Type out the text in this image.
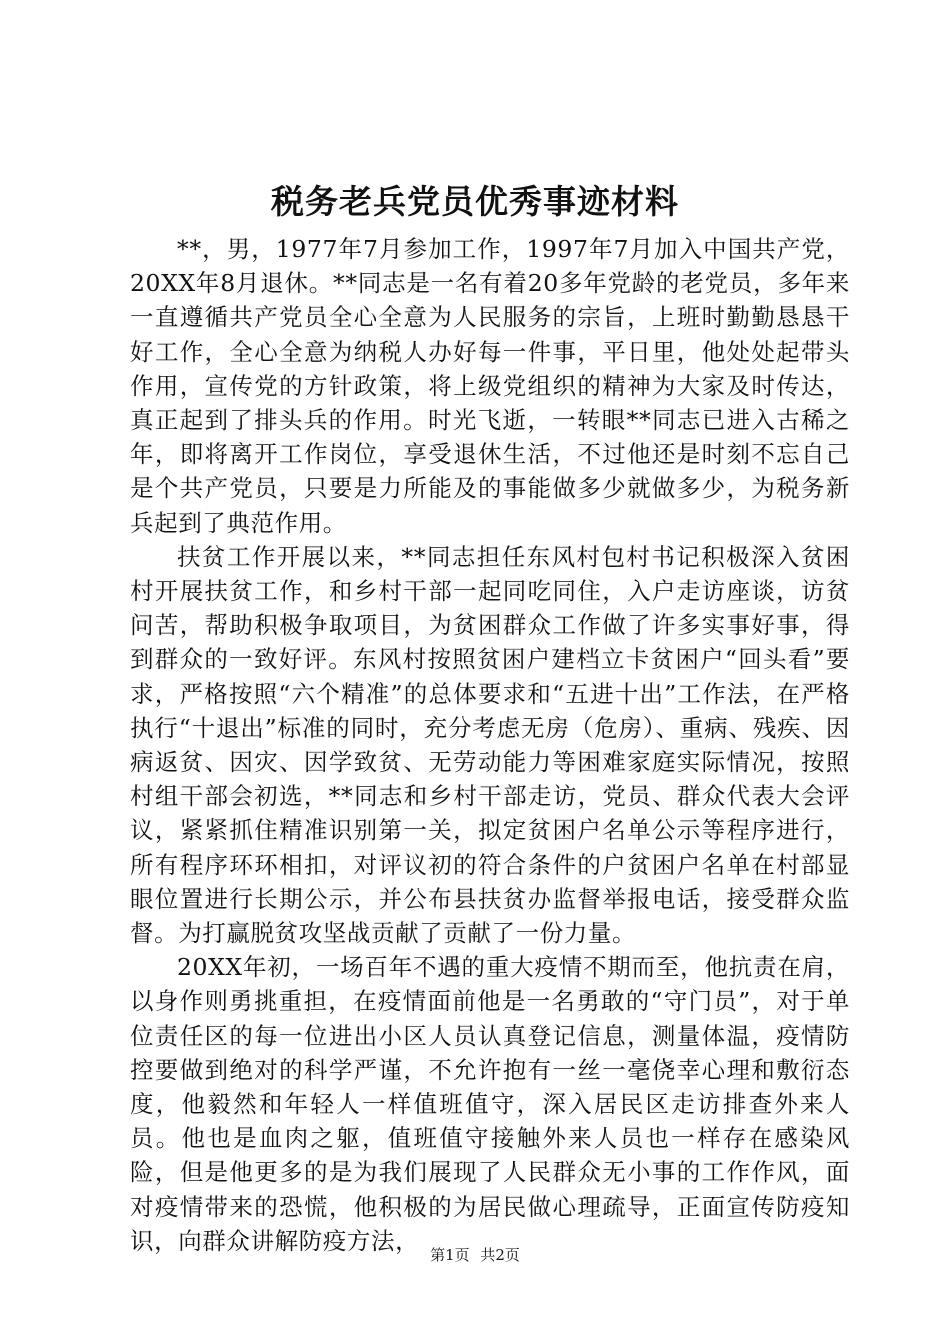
税务老兵党员优秀事迹材料

**，男，1977年7月参加工作，1997年7月加入中国共产党，20XX年8月退休。**同志是一名有着20多年党龄的老党员，多年来一直遵循共产党员全心全意为人民服务的宗旨，上班时勤勤恳恳干好工作，全心全意为纳税人办好每一件事，平日里，他处处起带头作用，宣传党的方针政策，将上级党组织的精神为大家及时传达，真正起到了排头兵的作用。时光飞逝，一转眼**同志已进入古稀之年，即将离开工作岗位，享受退休生活，不过他还是时刻不忘自己是个共产党员，只要是力所能及的事能做多少就做多少，为税务新兵起到了典范作用。

扶贫工作开展以来，**同志担任东风村包村书记积极深入贫困村开展扶贫工作，和乡村干部一起同吃同住，入户走访座谈，访贫问苦，帮助积极争取项目，为贫困群众工作做了许多实事好事，得到群众的一致好评。东风村按照贫困户建档立卡贫困户“回头看”要求，严格按照“六个精准”的总体要求和“五进十出”工作法，在严格执行“十退出”标准的同时，充分考虑无房（危房）、重病、残疾、因病返贫、因灾、因学致贫、无劳动能力等困难家庭实际情况，按照村组干部会初选，**同志和乡村干部走访，党员、群众代表大会评议，紧紧抓住精准识别第一关，拟定贫困户名单公示等程序进行，所有程序环环相扣，对评议初的符合条件的户贫困户名单在村部显眼位置进行长期公示，并公布县扶贫办监督举报电话，接受群众监督。为打赢脱贫攻坚战贡献了贡献了一份力量。

20XX年初，一场百年不遇的重大疫情不期而至，他抗责在肩，以身作则勇挑重担，在疫情面前他是一名勇敢的“守门员”，对于单位责任区的每一位进出小区人员认真登记信息，测量体温，疫情防控要做到绝对的科学严谨，不允许抱有一丝一毫侥幸心理和敷衍态度，他毅然和年轻人一样值班值守，深入居民区走访排查外来人员。他也是血肉之躯，值班值守接触外来人员也一样存在感染风险，但是他更多的是为我们展现了人民群众无小事的工作作风，面对疫情带来的恐慌，他积极的为居民做心理疏导，正面宣传防疫知识，向群众讲解防疫方法，

第1页 共2页
